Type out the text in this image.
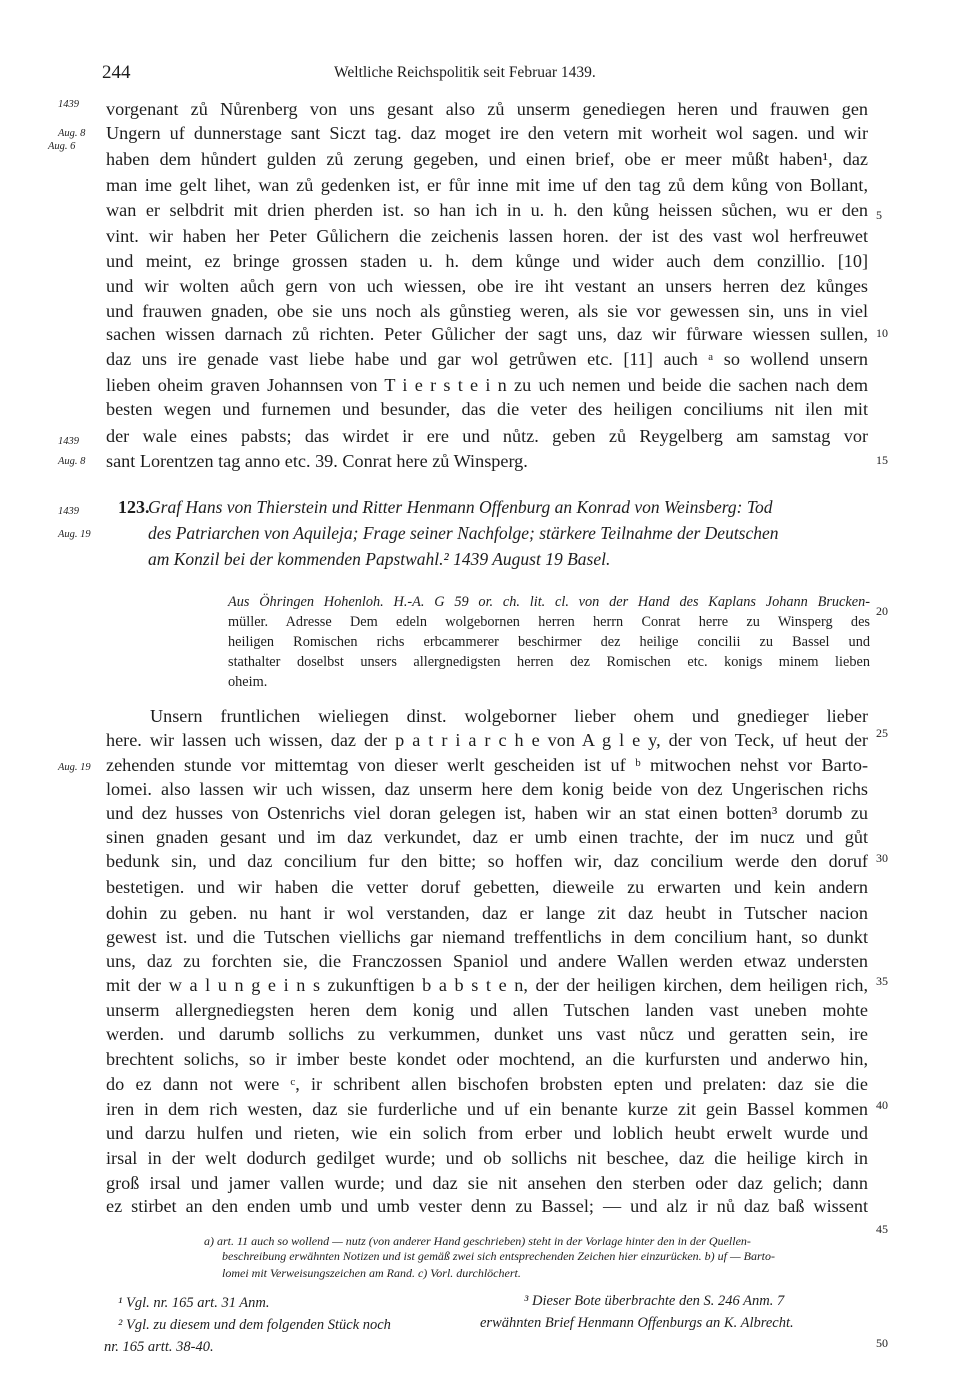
244	Weltliche Reichspolitik seit Februar 1439.
1439
Aug. 8
Aug. 6
1439
Aug. 8
1439
Aug. 19
Aug. 19
5
10
15
20
25
30
35
40
45
50
vorgenant zů Nůrenberg von uns gesant also zů unserm genediegen heren und frauwen gen
Ungern uf dunnerstage sant Siczt tag. daz moget ire den vetern mit worheit wol sagen. und wir
haben dem hůndert gulden zů zerung gegeben, und einen brief, obe er meer můßt haben¹, daz
man ime gelt lihet, wan zů gedenken ist, er fůr inne mit ime uf den tag zů dem kůng von Bollant,
wan er selbdrit mit drien pherden ist. so han ich in u. h. den kůng heissen sůchen, wu er den
vint. wir haben her Peter Gůlichern die zeichenis lassen horen. der ist des vast wol herfreuwet
und meint, ez bringe grossen staden u. h. dem kůnge und wider auch dem conzillio. [10]
und wir wolten aůch gern von uch wiessen, obe ire iht vestant an unsers herren dez kůnges
und frauwen gnaden, obe sie uns noch als gůnstieg weren, als sie vor gewessen sin, uns in viel
sachen wissen darnach zů richten. Peter Gůlicher der sagt uns, daz wir fůrware wiessen sullen,
daz uns ire genade vast liebe habe und gar wol getrůwen etc. [11] auch ᵃ so wollend unsern
lieben oheim graven Johannsen von T i e r s t e i n zu uch nemen und beide die sachen nach dem
besten wegen und furnemen und besunder, das die veter des heiligen conciliums nit ilen mit
der wale eines pabsts; das wirdet ir ere und nůtz. geben zů Reygelberg am samstag vor
sant Lorentzen tag anno etc. 39. Conrat here zů Winsperg.
123.
Graf Hans von Thierstein und Ritter Henmann Offenburg an Konrad von Weinsberg: Tod
des Patriarchen von Aquileja; Frage seiner Nachfolge; stärkere Teilnahme der Deutschen
am Konzil bei der kommenden Papstwahl.² 1439 August 19 Basel.
Aus Öhringen Hohenloh. H.-A. G 59 or. ch. lit. cl. von der Hand des Kaplans Johann Brucken-
müller. Adresse Dem edeln wolgebornen herren herrn Conrat herre zu Winsperg des
heiligen Romischen richs erbcammerer beschirmer dez heilige concilii zu Bassel und
stathalter doselbst unsers allergnedigsten herren dez Romischen etc. konigs minem lieben
oheim.
Unsern fruntlichen wieliegen dinst. wolgeborner lieber ohem und gnedieger lieber
here. wir lassen uch wissen, daz der p a t r i a r c h e von A g l e y, der von Teck, uf heut der
zehenden stunde vor mittemtag von dieser werlt gescheiden ist uf ᵇ mitwochen nehst vor Barto-
lomei. also lassen wir uch wissen, daz unserm here dem konig beide von dez Ungerischen richs
und dez husses von Ostenrichs viel doran gelegen ist, haben wir an stat einen botten³ dorumb zu
sinen gnaden gesant und im daz verkundet, daz er umb einen trachte, der im nucz und gůt
bedunk sin, und daz concilium fur den bitte; so hoffen wir, daz concilium werde den doruf
bestetigen. und wir haben die vetter doruf gebetten, dieweile zu erwarten und kein andern
dohin zu geben. nu hant ir wol verstanden, daz er lange zit daz heubt in Tutscher nacion
gewest ist. und die Tutschen viellichs gar niemand treffentlichs in dem concilium hant, so dunkt
uns, daz zu forchten sie, die Franczossen Spaniol und andere Wallen werden etwaz understen
mit der w a l u n g e i n s zukunftigen b a b s t e n, der der heiligen kirchen, dem heiligen rich,
unserm allergnediegsten heren dem konig und allen Tutschen landen vast uneben mohte
werden. und darumb sollichs zu verkummen, dunket uns vast nůcz und geratten sein, ire
brechtent solichs, so ir imber beste kondet oder mochtend, an die kurfursten und anderwo hin,
do ez dann not were ᶜ, ir schribent allen bischofen brobsten epten und prelaten: daz sie die
iren in dem rich westen, daz sie furderliche und uf ein benante kurze zit gein Bassel kommen
und darzu hulfen und rieten, wie ein solich from erber und loblich heubt erwelt wurde und
irsal in der welt dodurch gedilget wurde; und ob sollichs nit beschee, daz die heilige kirch in
groß irsal und jamer vallen wurde; und daz sie nit ansehen den sterben oder daz gelich; dann
ez stirbet an den enden umb und umb vester denn zu Bassel; — und alz ir nů daz baß wissent
a) art. 11 auch so wollend — nutz (von anderer Hand geschrieben) steht in der Vorlage hinter den in der Quellen-
beschreibung erwähnten Notizen und ist gemäß zwei sich entsprechenden Zeichen hier einzurücken. b) uf — Barto-
lomei mit Verweisungszeichen am Rand. c) Vorl. durchlöchert.
¹ Vgl. nr. 165 art. 31 Anm.
² Vgl. zu diesem und dem folgenden Stück noch
nr. 165 artt. 38-40.
³ Dieser Bote überbrachte den S. 246 Anm. 7
erwähnten Brief Henmann Offenburgs an K. Albrecht.
